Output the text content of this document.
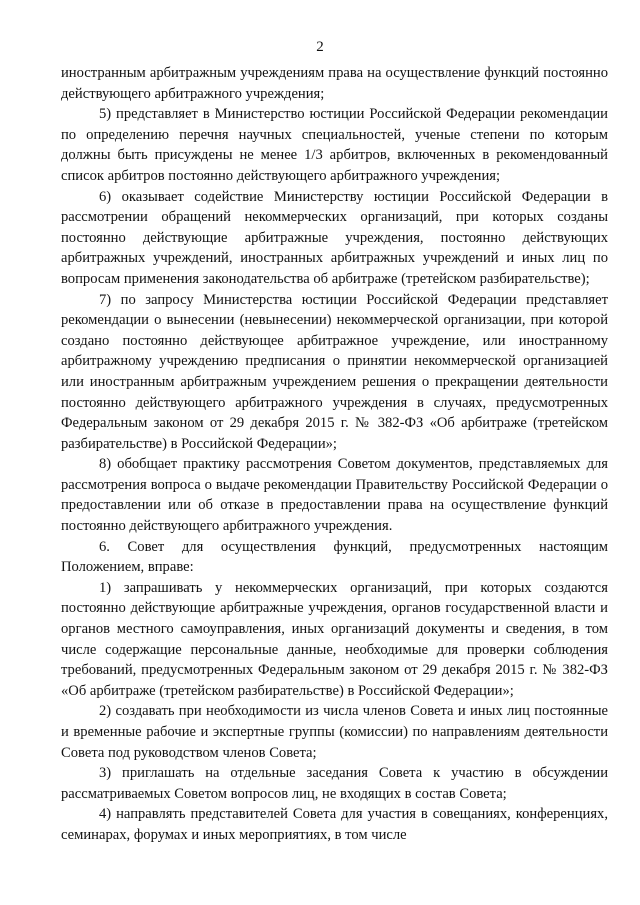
2

иностранным арбитражным учреждениям права на осуществление функций постоянно действующего арбитражного учреждения;

5) представляет в Министерство юстиции Российской Федерации рекомендации по определению перечня научных специальностей, ученые степени по которым должны быть присуждены не менее 1/3 арбитров, включенных в рекомендованный список арбитров постоянно действующего арбитражного учреждения;

6) оказывает содействие Министерству юстиции Российской Федерации в рассмотрении обращений некоммерческих организаций, при которых созданы постоянно действующие арбитражные учреждения, постоянно действующих арбитражных учреждений, иностранных арбитражных учреждений и иных лиц по вопросам применения законодательства об арбитраже (третейском разбирательстве);

7) по запросу Министерства юстиции Российской Федерации представляет рекомендации о вынесении (невынесении) некоммерческой организации, при которой создано постоянно действующее арбитражное учреждение, или иностранному арбитражному учреждению предписания о принятии некоммерческой организацией или иностранным арбитражным учреждением решения о прекращении деятельности постоянно действующего арбитражного учреждения в случаях, предусмотренных Федеральным законом от 29 декабря 2015 г. № 382-ФЗ «Об арбитраже (третейском разбирательстве) в Российской Федерации»;

8) обобщает практику рассмотрения Советом документов, представляемых для рассмотрения вопроса о выдаче рекомендации Правительству Российской Федерации о предоставлении или об отказе в предоставлении права на осуществление функций постоянно действующего арбитражного учреждения.

6. Совет для осуществления функций, предусмотренных настоящим Положением, вправе:

1) запрашивать у некоммерческих организаций, при которых создаются постоянно действующие арбитражные учреждения, органов государственной власти и органов местного самоуправления, иных организаций документы и сведения, в том числе содержащие персональные данные, необходимые для проверки соблюдения требований, предусмотренных Федеральным законом от 29 декабря 2015 г. № 382-ФЗ «Об арбитраже (третейском разбирательстве) в Российской Федерации»;

2) создавать при необходимости из числа членов Совета и иных лиц постоянные и временные рабочие и экспертные группы (комиссии) по направлениям деятельности Совета под руководством членов Совета;

3) приглашать на отдельные заседания Совета к участию в обсуждении рассматриваемых Советом вопросов лиц, не входящих в состав Совета;

4) направлять представителей Совета для участия в совещаниях, конференциях, семинарах, форумах и иных мероприятиях, в том числе
